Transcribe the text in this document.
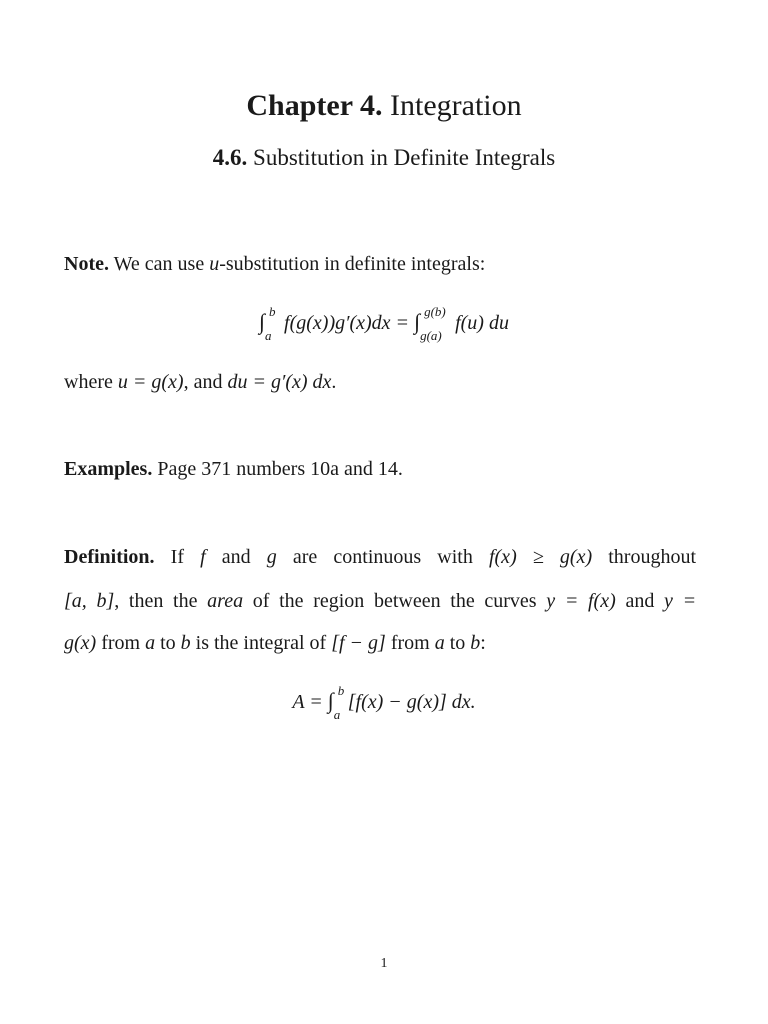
Chapter 4. Integration
4.6. Substitution in Definite Integrals
Note. We can use u-substitution in definite integrals:
∫ b
a
f(g(x))g′(x)dx = ∫ g(b)
g(a)
f(u) du
where u = g(x), and du = g′(x) dx.
Examples. Page 371 numbers 10a and 14.
Definition. If f and g are continuous with f(x) ≥ g(x) throughout
[a, b], then the area of the region between the curves y = f(x) and y =
g(x) from a to b is the integral of [f − g] from a to b:
A = ∫ b
a
[f(x) − g(x)] dx.
1
